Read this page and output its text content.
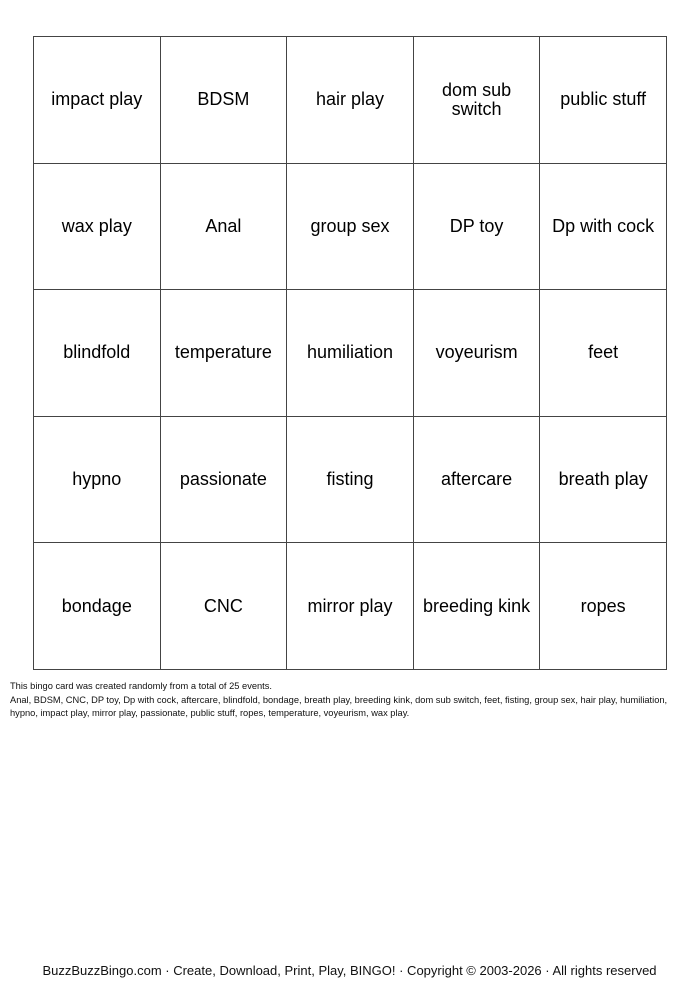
impact play	BDSM	hair play	dom sub switch	public stuff
wax play	Anal	group sex	DP toy	Dp with cock
blindfold	temperature	humiliation	voyeurism	feet
hypno	passionate	fisting	aftercare	breath play
bondage	CNC	mirror play	breeding kink	ropes
This bingo card was created randomly from a total of 25 events.
Anal, BDSM, CNC, DP toy, Dp with cock, aftercare, blindfold, bondage, breath play, breeding kink, dom sub switch, feet, fisting, group sex, hair play, humiliation, hypno, impact play, mirror play, passionate, public stuff, ropes, temperature, voyeurism, wax play.
BuzzBuzzBingo.com · Create, Download, Print, Play, BINGO! · Copyright © 2003-2026 · All rights reserved
